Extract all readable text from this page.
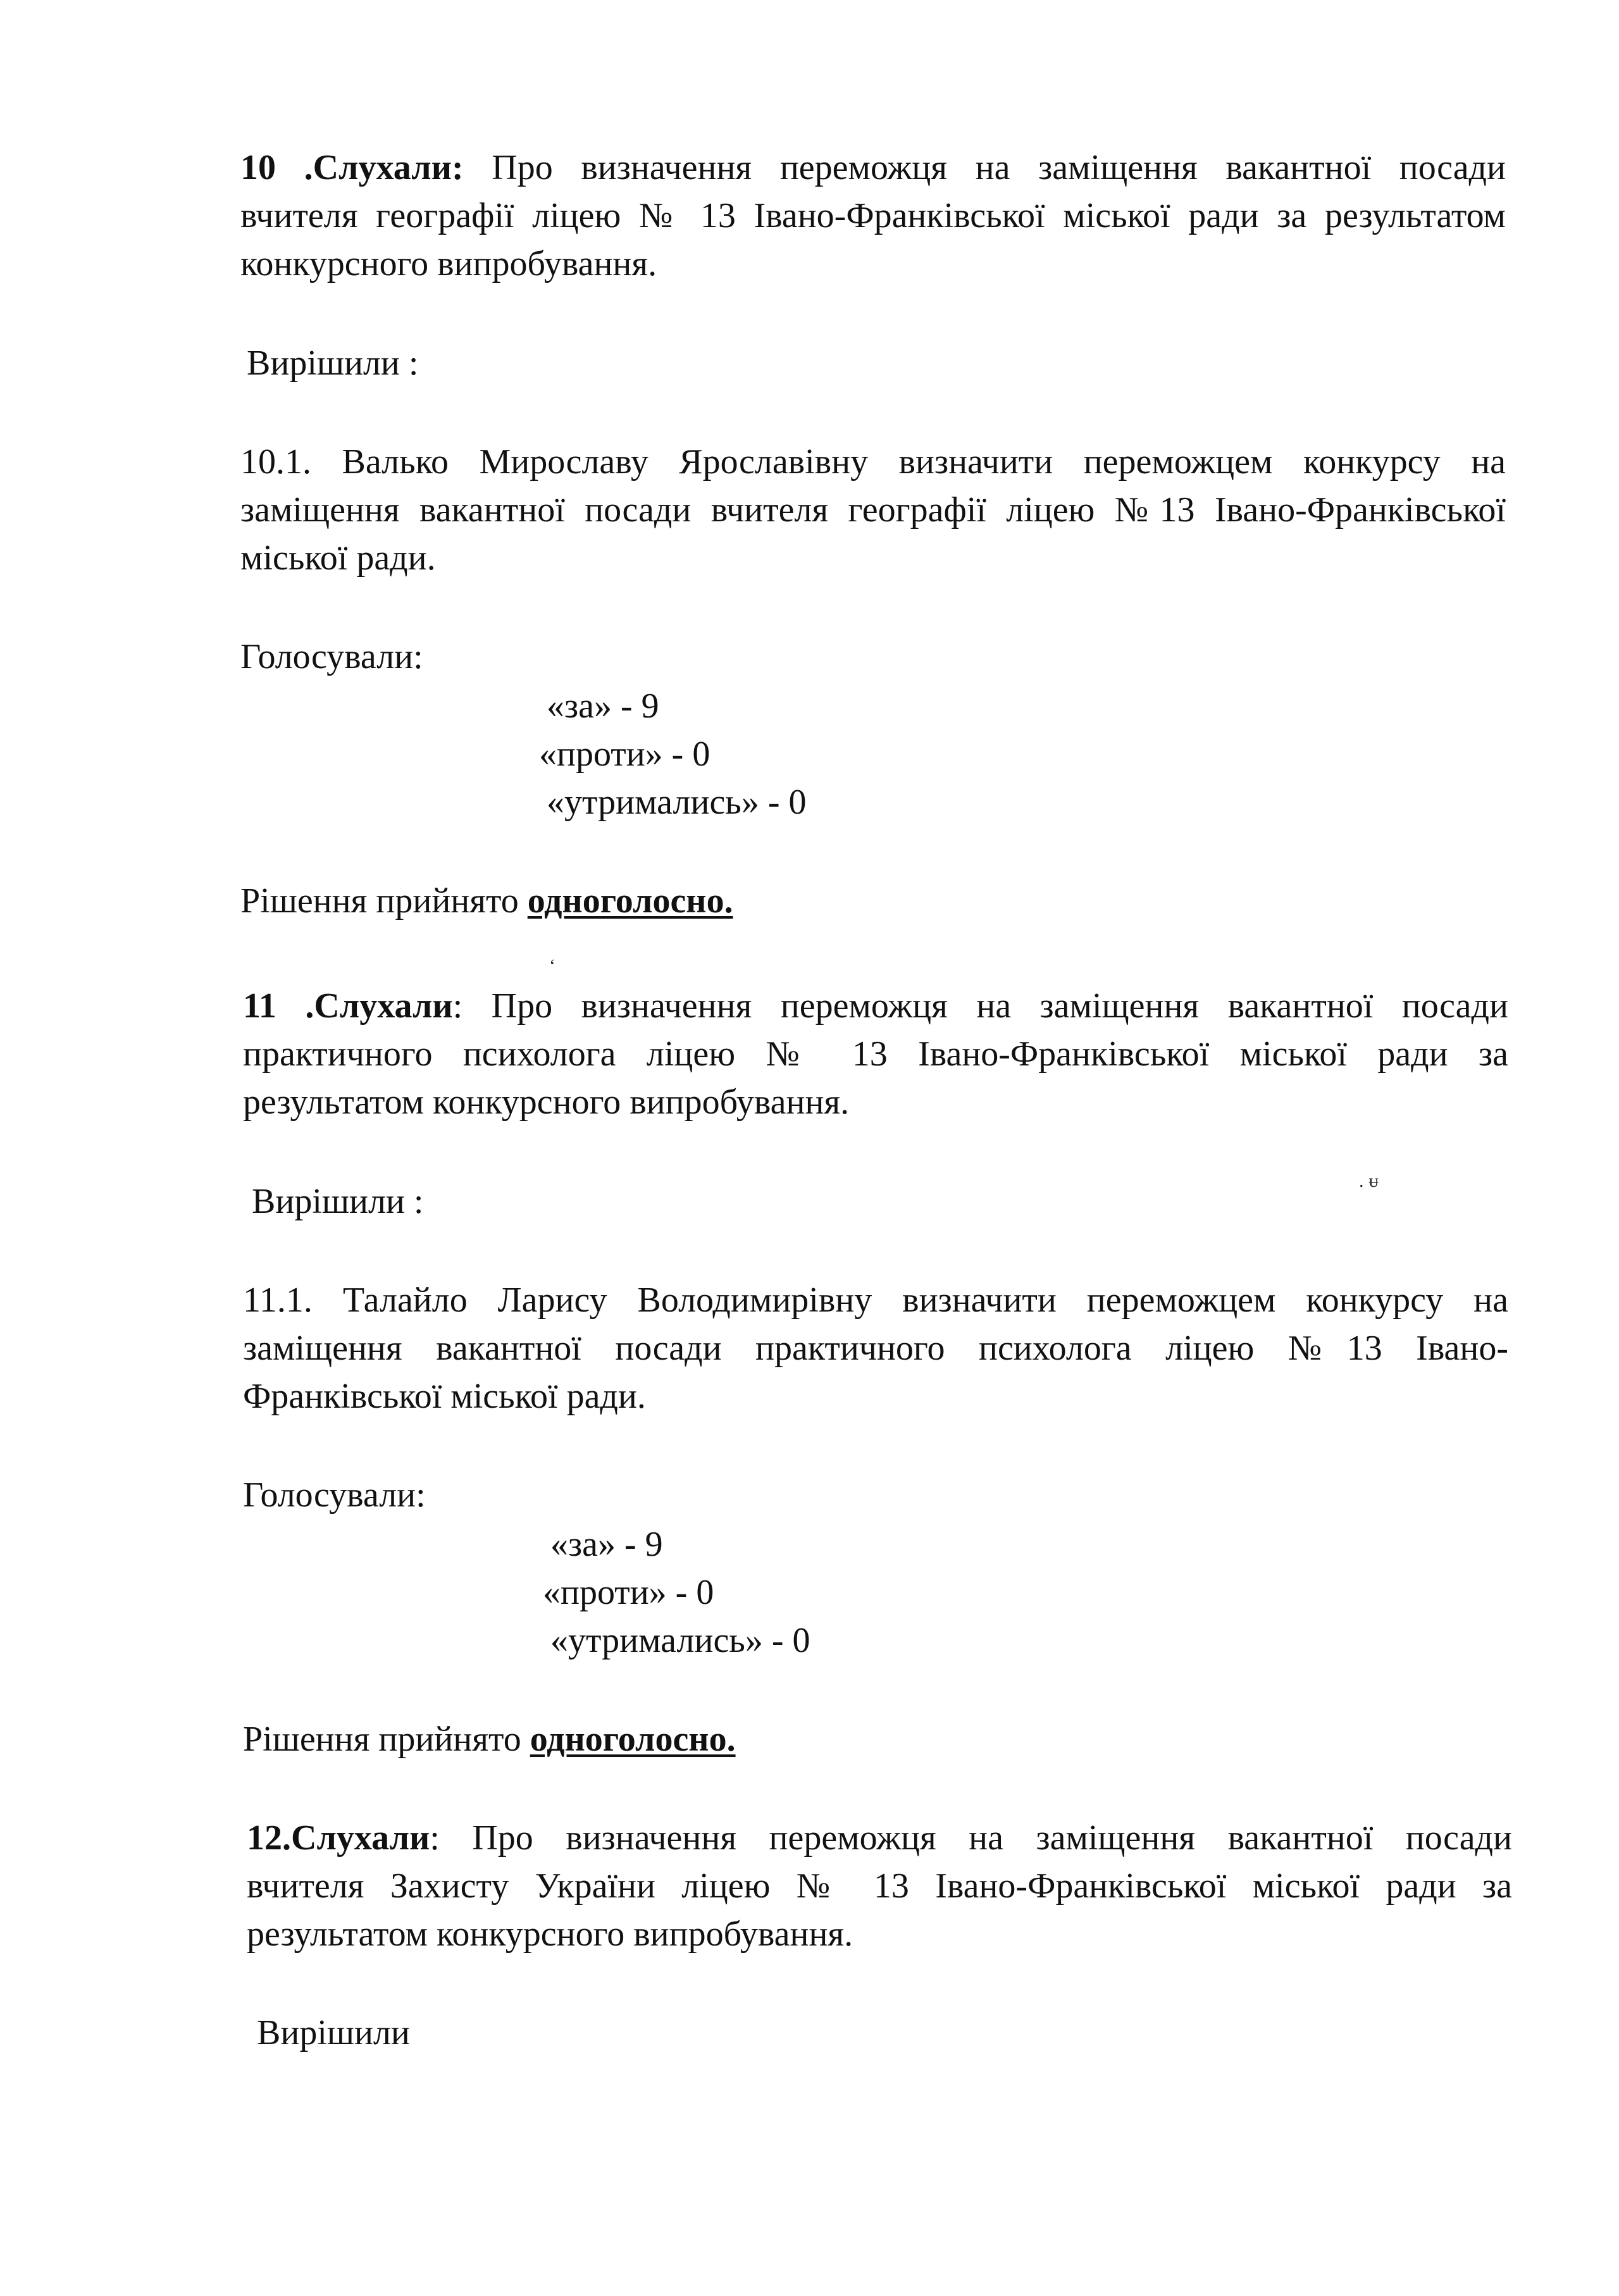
10 .Слухали: Про визначення переможця на заміщення вакантної посади
вчителя географії ліцею № 13 Івано-Франківської міської ради за результатом
конкурсного випробування.
Вирішили :
10.1. Валько Мирославу Ярославівну визначити переможцем конкурсу на
заміщення вакантної посади вчителя географії ліцею №13 Івано-Франківської
міської ради.
Голосували:
«за» - 9
«проти» - 0
«утримались» - 0
Рішення прийнято одноголосно.
ʻ
11 .Слухали: Про визначення переможця на заміщення вакантної посади
практичного психолога ліцею № 13 Івано-Франківської міської ради за
результатом конкурсного випробування.
Вирішили :
. ᵾ
11.1. Талайло Ларису Володимирівну визначити переможцем конкурсу на
заміщення вакантної посади практичного психолога ліцею №13 Івано-
Франківської міської ради.
Голосували:
«за» - 9
«проти» - 0
«утримались» - 0
Рішення прийнято одноголосно.
12.Слухали: Про визначення переможця на заміщення вакантної посади
вчителя Захисту України ліцею № 13 Івано-Франківської міської ради за
результатом конкурсного випробування.
Вирішили
